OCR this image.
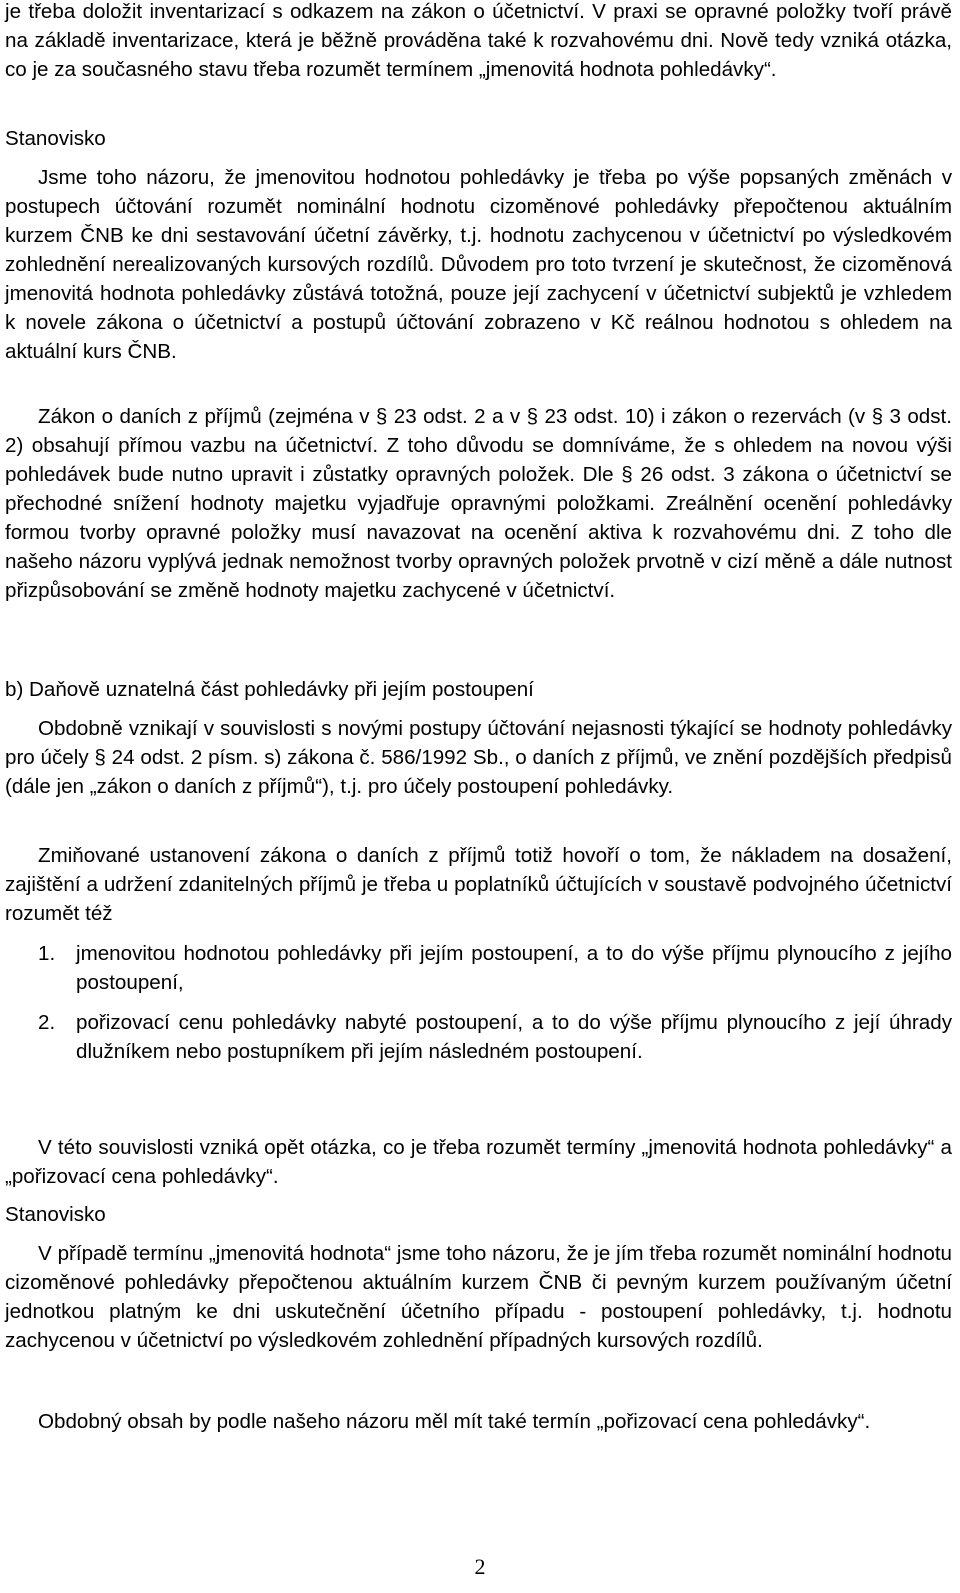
je třeba doložit inventarizací s odkazem na zákon o účetnictví. V praxi se opravné položky tvoří právě na základě inventarizace, která je běžně prováděna také k rozvahovému dni. Nově tedy vzniká otázka, co je za současného stavu třeba rozumět termínem „jmenovitá hodnota pohledávky“.

Stanovisko

Jsme toho názoru, že jmenovitou hodnotou pohledávky je třeba po výše popsaných změnách v postupech účtování rozumět nominální hodnotu cizoměnové pohledávky přepočtenou aktuálním kurzem ČNB ke dni sestavování účetní závěrky, t.j. hodnotu zachycenou v účetnictví po výsledkovém zohlednění nerealizovaných kursových rozdílů. Důvodem pro toto tvrzení je skutečnost, že cizoměnová jmenovitá hodnota pohledávky zůstává totožná, pouze její zachycení v účetnictví subjektů je vzhledem k novele zákona o účetnictví a postupů účtování zobrazeno v Kč reálnou hodnotou s ohledem na aktuální kurs ČNB.

Zákon o daních z příjmů (zejména v § 23 odst. 2 a v § 23 odst. 10) i zákon o rezervách (v § 3 odst. 2) obsahují přímou vazbu na účetnictví. Z toho důvodu se domníváme, že s ohledem na novou výši pohledávek bude nutno upravit i zůstatky opravných položek. Dle § 26 odst. 3 zákona o účetnictví se přechodné snížení hodnoty majetku vyjadřuje opravnými položkami. Zreálnění ocenění pohledávky formou tvorby opravné položky musí navazovat na ocenění aktiva k rozvahovému dni. Z toho dle našeho názoru vyplývá jednak nemožnost tvorby opravných položek prvotně v cizí měně a dále nutnost přizpůsobování se změně hodnoty majetku zachycené v účetnictví.

b) Daňově uznatelná část pohledávky při jejím postoupení

Obdobně vznikají v souvislosti s novými postupy účtování nejasnosti týkající se hodnoty pohledávky pro účely § 24 odst. 2 písm. s) zákona č. 586/1992 Sb., o daních z příjmů, ve znění pozdějších předpisů (dále jen „zákon o daních z příjmů“), t.j. pro účely postoupení pohledávky.

Zmiňované ustanovení zákona o daních z příjmů totiž hovoří o tom, že nákladem na dosažení, zajištění a udržení zdanitelných příjmů je třeba u poplatníků účtujících v soustavě podvojného účetnictví rozumět též

1. jmenovitou hodnotou pohledávky při jejím postoupení, a to do výše příjmu plynoucího z jejího postoupení,
2. pořizovací cenu pohledávky nabyté postoupení, a to do výše příjmu plynoucího z její úhrady dlužníkem nebo postupníkem při jejím následném postoupení.

V této souvislosti vzniká opět otázka, co je třeba rozumět termíny „jmenovitá hodnota pohledávky“ a „pořizovací cena pohledávky“.

Stanovisko

V případě termínu „jmenovitá hodnota“ jsme toho názoru, že je jím třeba rozumět nominální hodnotu cizoměnové pohledávky přepočtenou aktuálním kurzem ČNB či pevným kurzem používaným účetní jednotkou platným ke dni uskutečnění účetního případu - postoupení pohledávky, t.j. hodnotu zachycenou v účetnictví po výsledkovém zohlednění případných kursových rozdílů.

Obdobný obsah by podle našeho názoru měl mít také termín „pořizovací cena pohledávky“.

2
